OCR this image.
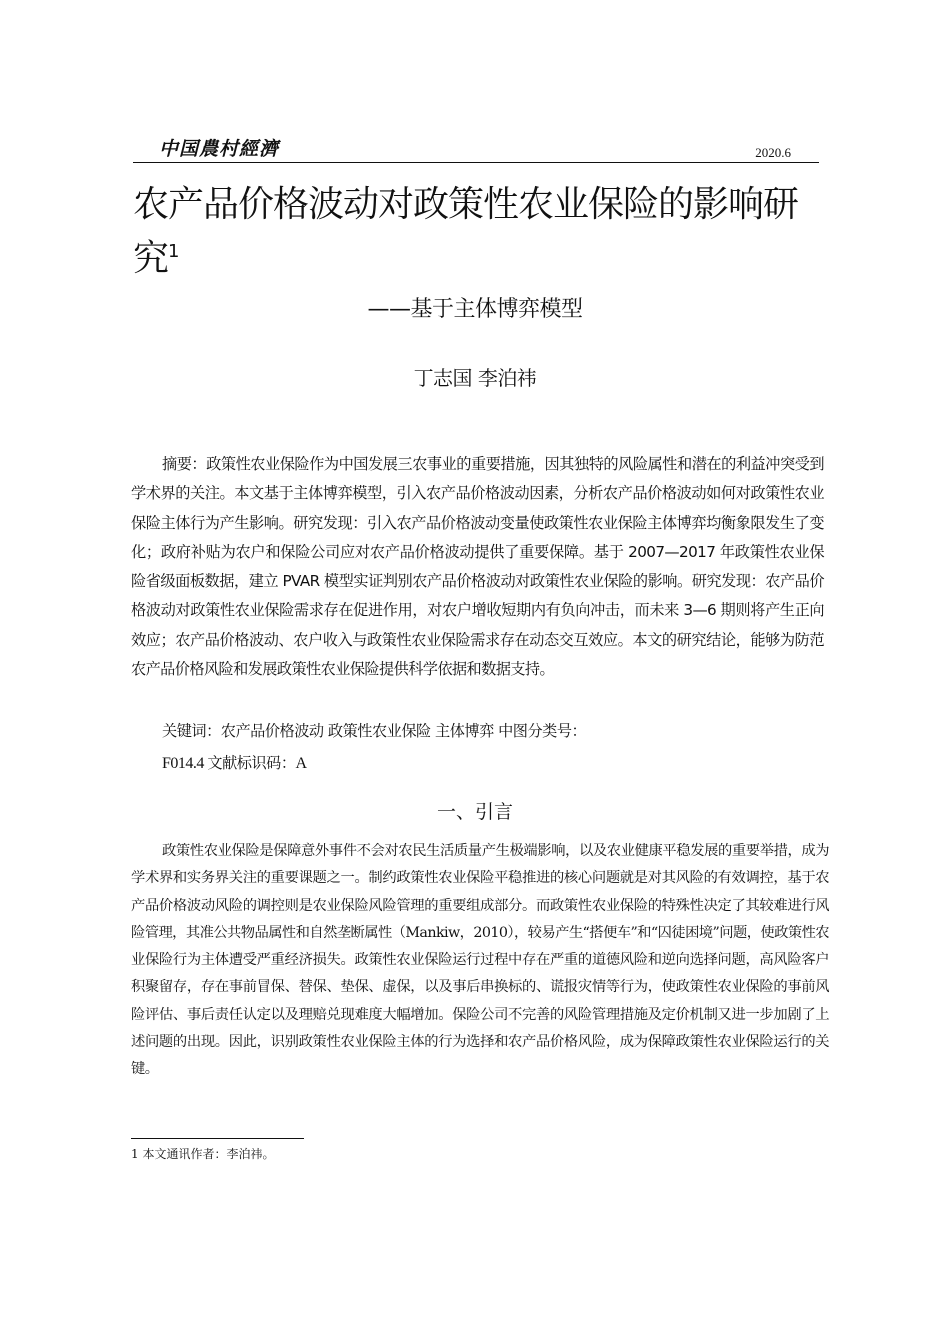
中国農村經濟	2020.6
农产品价格波动对政策性农业保险的影响研究$^1$
——基于主体博弈模型
丁志国 李泊祎

摘要：政策性农业保险作为中国发展三农事业的重要措施，因其独特的风险属性和潜在的利益冲突受到学术界的关注。本文基于主体博弈模型，引入农产品价格波动因素，分析农产品价格波动如何对政策性农业保险主体行为产生影响。研究发现：引入农产品价格波动变量使政策性农业保险主体博弈均衡象限发生了变化；政府补贴为农户和保险公司应对农产品价格波动提供了重要保障。基于 2007—2017 年政策性农业保险省级面板数据，建立 PVAR 模型实证判别农产品价格波动对政策性农业保险的影响。研究发现：农产品价格波动对政策性农业保险需求存在促进作用，对农户增收短期内有负向冲击，而未来 3—6 期则将产生正向效应；农产品价格波动、农户收入与政策性农业保险需求存在动态交互效应。本文的研究结论，能够为防范农产品价格风险和发展政策性农业保险提供科学依据和数据支持。

关键词：农产品价格波动 政策性农业保险 主体博弈 中图分类号：

F014.4 文献标识码：A

一、引言

政策性农业保险是保障意外事件不会对农民生活质量产生极端影响，以及农业健康平稳发展的重要举措，成为学术界和实务界关注的重要课题之一。制约政策性农业保险平稳推进的核心问题就是对其风险的有效调控，基于农产品价格波动风险的调控则是农业保险风险管理的重要组成部分。而政策性农业保险的特殊性决定了其较难进行风险管理，其准公共物品属性和自然垄断属性（Mankiw，2010），较易产生“搭便车”和“囚徒困境”问题，使政策性农业保险行为主体遭受严重经济损失。政策性农业保险运行过程中存在严重的道德风险和逆向选择问题，高风险客户积聚留存，存在事前冒保、替保、垫保、虚保，以及事后串换标的、谎报灾情等行为，使政策性农业保险的事前风险评估、事后责任认定以及理赔兑现难度大幅增加。保险公司不完善的风险管理措施及定价机制又进一步加剧了上述问题的出现。因此，识别政策性农业保险主体的行为选择和农产品价格风险，成为保障政策性农业保险运行的关键。

1 本文通讯作者：李泊祎。
